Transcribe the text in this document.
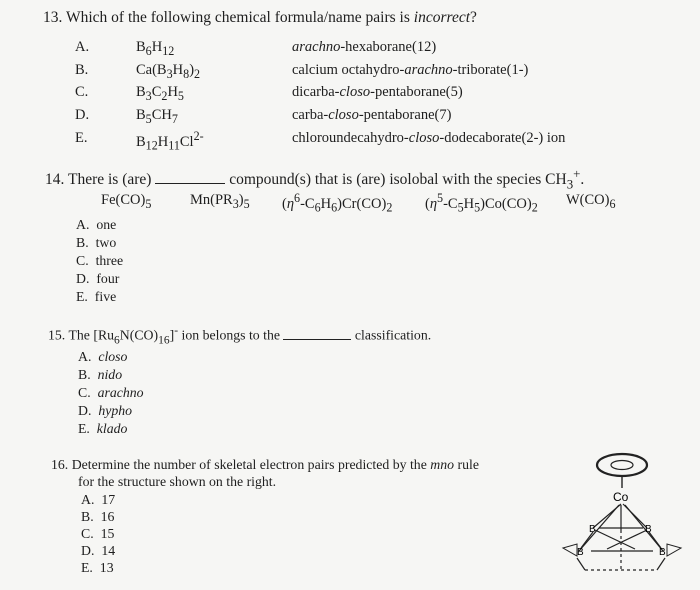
13. Which of the following chemical formula/name pairs is incorrect?
A.	$B_6H_{12}$	arachno-hexaborane(12)
B.	$Ca(B_3H_8)_2$	calcium octahydro-arachno-triborate(1-)
C.	$B_3C_2H_5$	dicarba-closo-pentaborane(5)
D.	$B_5CH_7$	carba-closo-pentaborane(7)
E.	$B_{12}H_{11}Cl^{2-}$	chloroundecahydro-closo-dodecaborate(2-) ion
14. There is (are)	compound(s) that is (are) isolobal with the species $CH_3^+$.
$Fe(CO)_5$	$Mn(PR_3)_5$ $(\eta^6-C_6H_6)Cr(CO)_2$ $(\eta^5-C_5H_5)Co(CO)_2$ $W(CO)_6$
A. one
B. two
C. three
D. four
E. five
15. The $[Ru_6N(CO)_{16}]^-$ ion belongs to the	classification.
A. closo
B. nido
C. arachno
D. hypho
E. klado
16. Determine the number of skeletal electron pairs predicted by the mno rule
for the structure shown on the right.
A. 17
B. 16
C. 15
D. 14
E. 13
Co
B	B
B	B
